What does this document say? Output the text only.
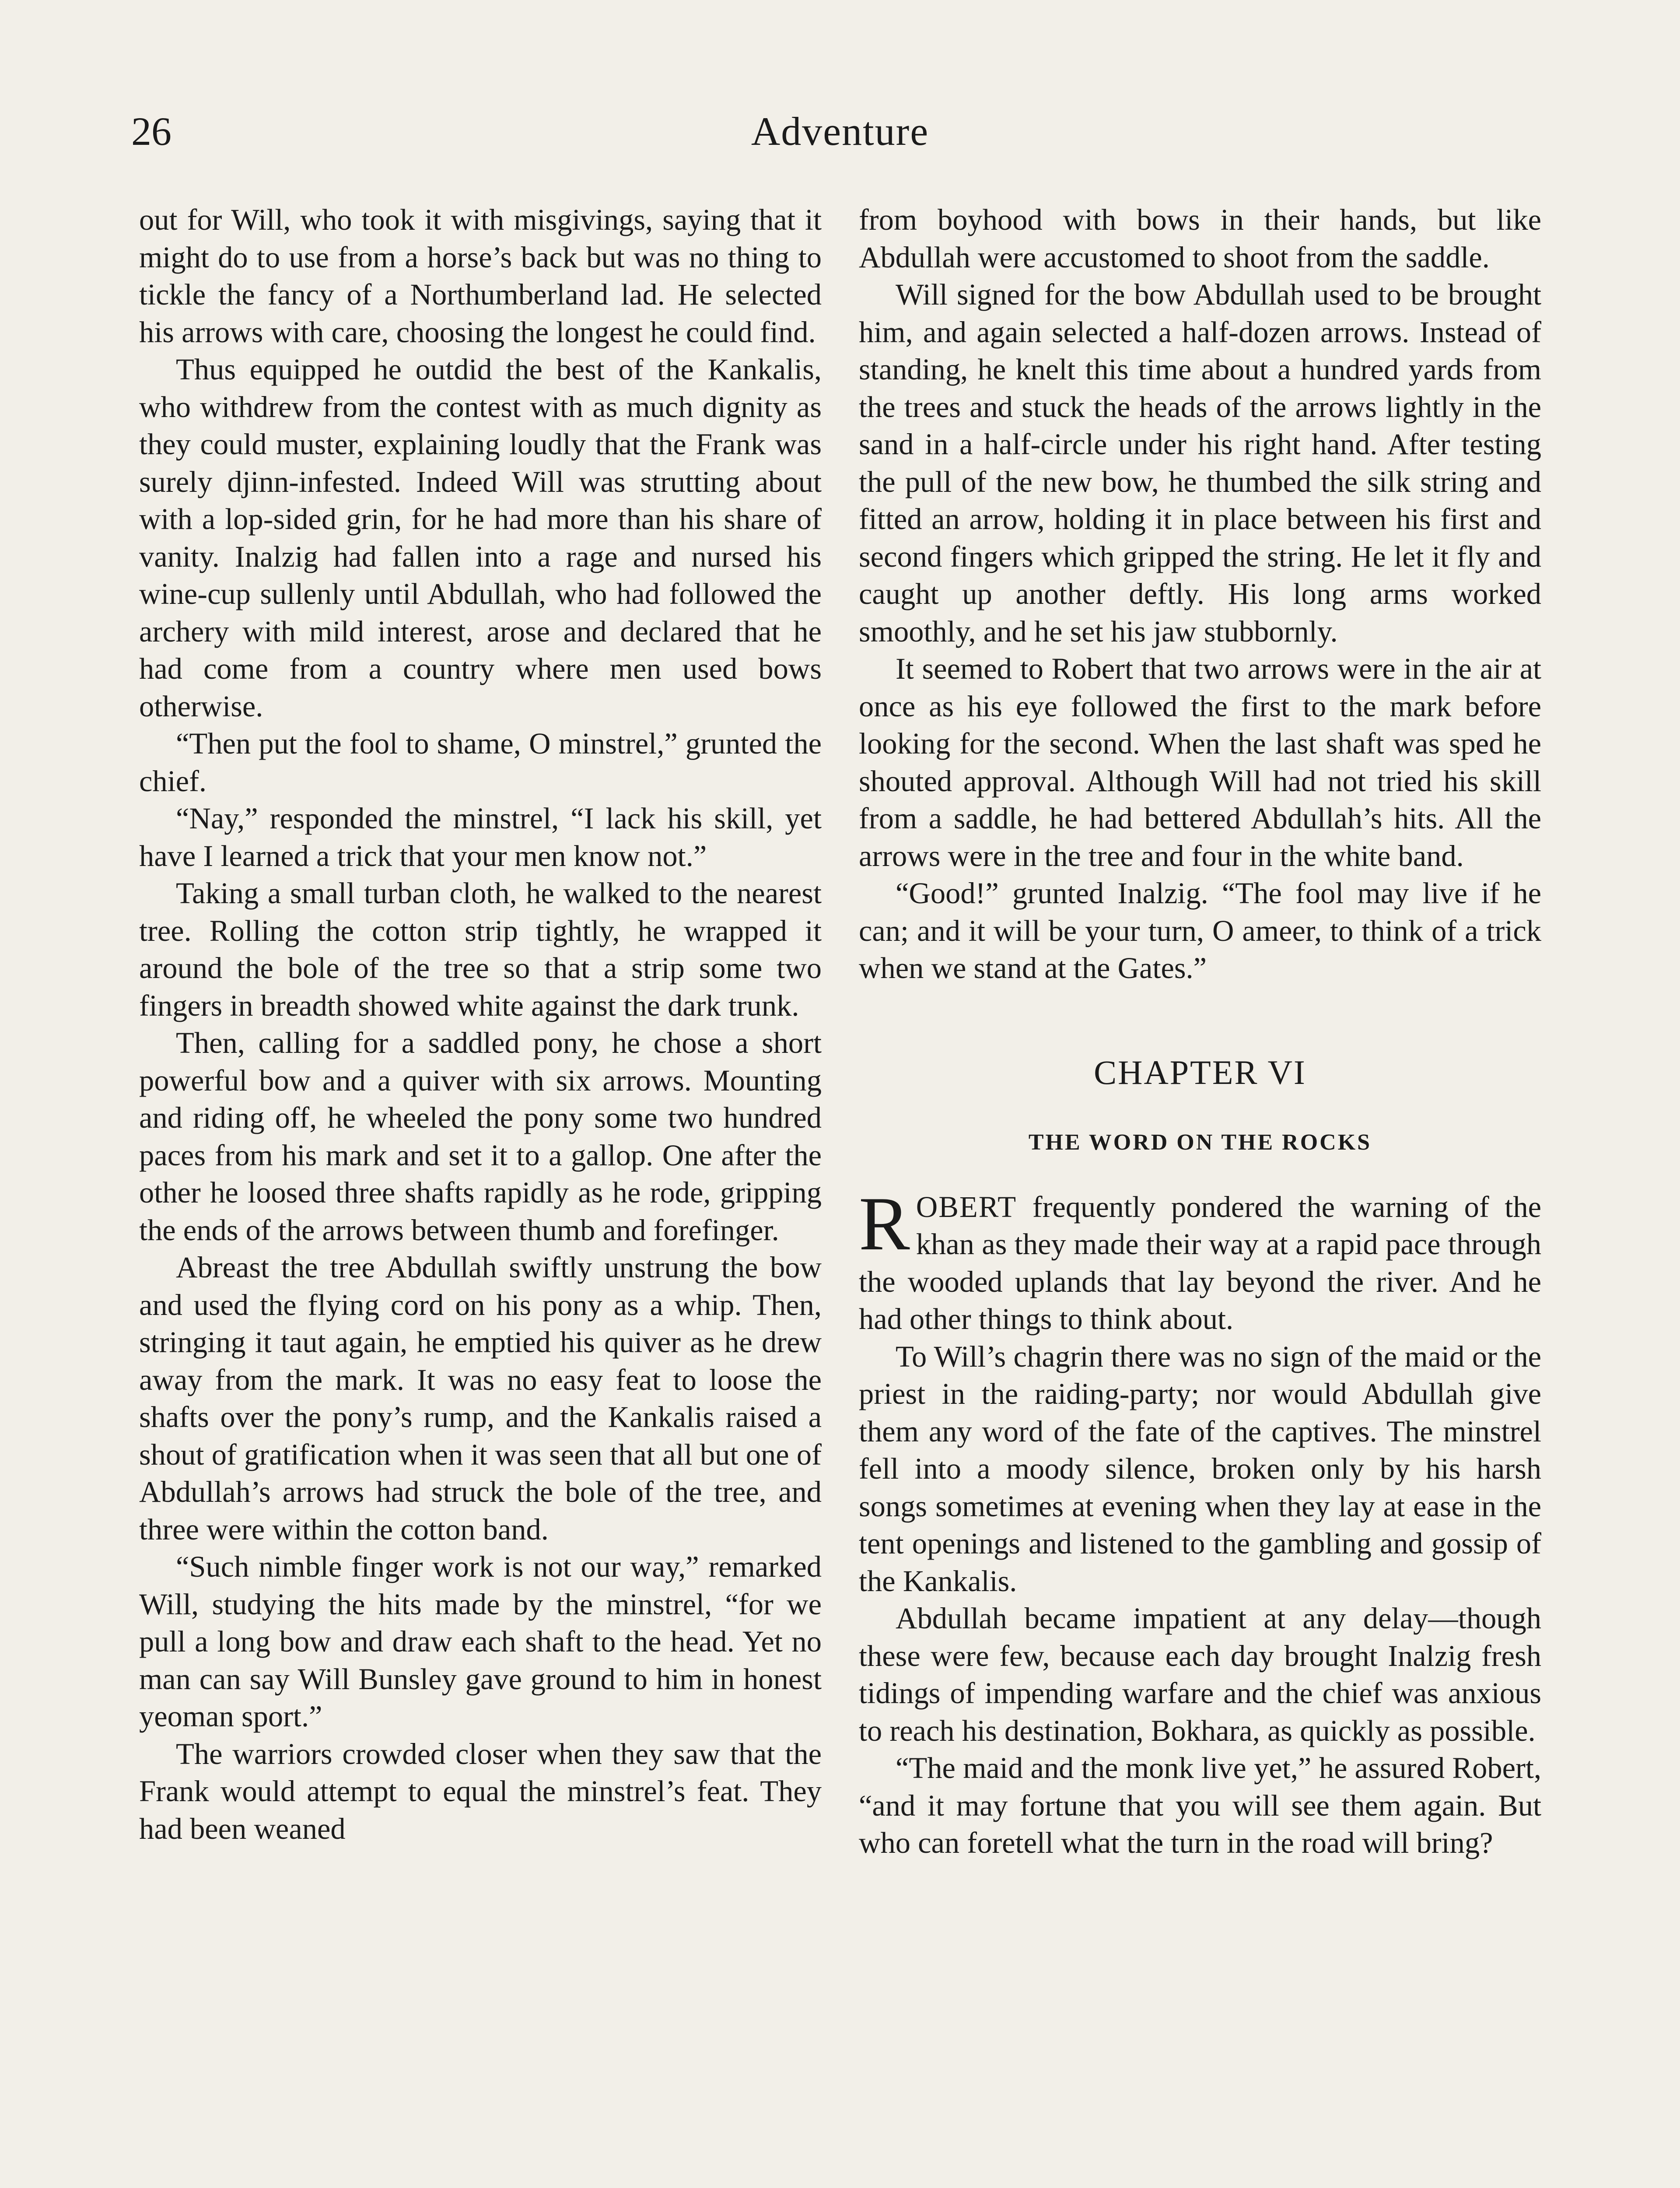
26	Adventure

out for Will, who took it with misgivings, saying that it might do to use from a horse’s back but was no thing to tickle the fancy of a Northumberland lad. He selected his arrows with care, choosing the longest he could find.

Thus equipped he outdid the best of the Kankalis, who withdrew from the contest with as much dignity as they could muster, explaining loudly that the Frank was surely djinn-infested. Indeed Will was strutting about with a lop-sided grin, for he had more than his share of vanity. Inalzig had fallen into a rage and nursed his wine-cup sullenly until Abdullah, who had followed the archery with mild interest, arose and declared that he had come from a country where men used bows otherwise.

“Then put the fool to shame, O minstrel,” grunted the chief.

“Nay,” responded the minstrel, “I lack his skill, yet have I learned a trick that your men know not.”

Taking a small turban cloth, he walked to the nearest tree. Rolling the cotton strip tightly, he wrapped it around the bole of the tree so that a strip some two fingers in breadth showed white against the dark trunk.

Then, calling for a saddled pony, he chose a short powerful bow and a quiver with six arrows. Mounting and riding off, he wheeled the pony some two hundred paces from his mark and set it to a gallop. One after the other he loosed three shafts rapidly as he rode, gripping the ends of the arrows between thumb and forefinger.

Abreast the tree Abdullah swiftly unstrung the bow and used the flying cord on his pony as a whip. Then, stringing it taut again, he emptied his quiver as he drew away from the mark. It was no easy feat to loose the shafts over the pony’s rump, and the Kankalis raised a shout of gratification when it was seen that all but one of Abdullah’s arrows had struck the bole of the tree, and three were within the cotton band.

“Such nimble finger work is not our way,” remarked Will, studying the hits made by the minstrel, “for we pull a long bow and draw each shaft to the head. Yet no man can say Will Bunsley gave ground to him in honest yeoman sport.”

The warriors crowded closer when they saw that the Frank would attempt to equal the minstrel’s feat. They had been weaned

from boyhood with bows in their hands, but like Abdullah were accustomed to shoot from the saddle.

Will signed for the bow Abdullah used to be brought him, and again selected a half-dozen arrows. Instead of standing, he knelt this time about a hundred yards from the trees and stuck the heads of the arrows lightly in the sand in a half-circle under his right hand. After testing the pull of the new bow, he thumbed the silk string and fitted an arrow, holding it in place between his first and second fingers which gripped the string. He let it fly and caught up another deftly. His long arms worked smoothly, and he set his jaw stubbornly.

It seemed to Robert that two arrows were in the air at once as his eye followed the first to the mark before looking for the second. When the last shaft was sped he shouted approval. Although Will had not tried his skill from a saddle, he had bettered Abdullah’s hits. All the arrows were in the tree and four in the white band.

“Good!” grunted Inalzig. “The fool may live if he can; and it will be your turn, O ameer, to think of a trick when we stand at the Gates.”

CHAPTER VI
THE WORD ON THE ROCKS

ROBERT frequently pondered the warning of the khan as they made their way at a rapid pace through the wooded uplands that lay beyond the river. And he had other things to think about.

To Will’s chagrin there was no sign of the maid or the priest in the raiding-party; nor would Abdullah give them any word of the fate of the captives. The minstrel fell into a moody silence, broken only by his harsh songs sometimes at evening when they lay at ease in the tent openings and listened to the gambling and gossip of the Kankalis.

Abdullah became impatient at any delay—though these were few, because each day brought Inalzig fresh tidings of impending warfare and the chief was anxious to reach his destination, Bokhara, as quickly as possible.

“The maid and the monk live yet,” he assured Robert, “and it may fortune that you will see them again. But who can foretell what the turn in the road will bring?
